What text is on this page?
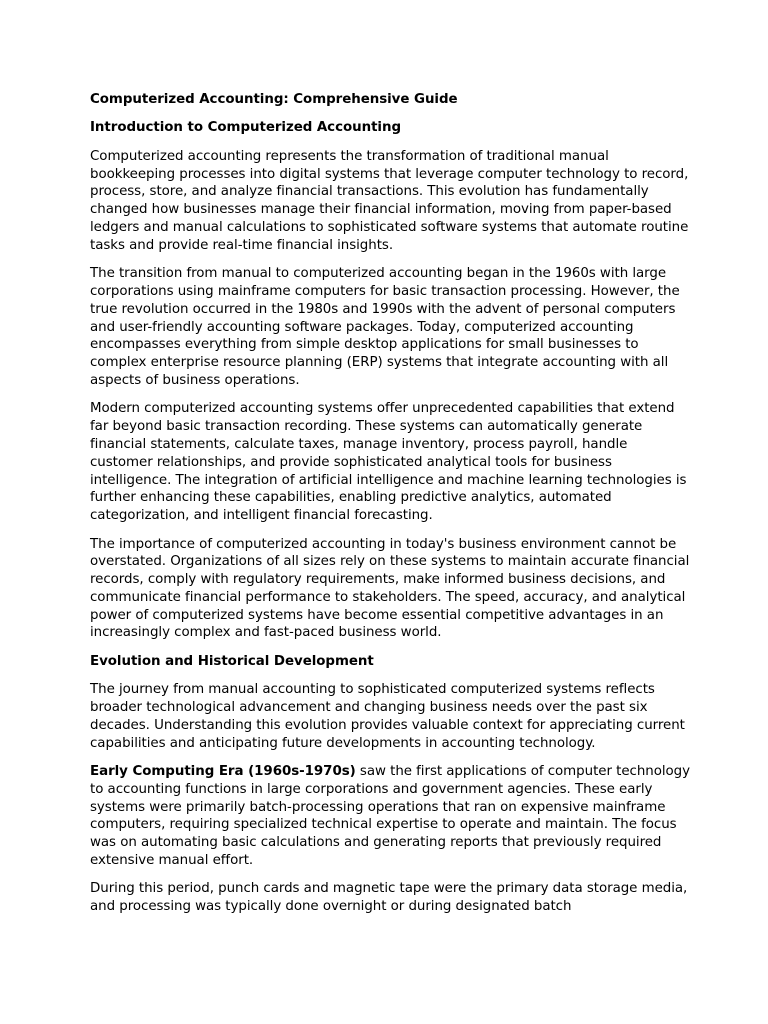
Computerized Accounting: Comprehensive Guide
Introduction to Computerized Accounting

Computerized accounting represents the transformation of traditional manual bookkeeping processes into digital systems that leverage computer technology to record, process, store, and analyze financial transactions. This evolution has fundamentally changed how businesses manage their financial information, moving from paper-based ledgers and manual calculations to sophisticated software systems that automate routine tasks and provide real-time financial insights.

The transition from manual to computerized accounting began in the 1960s with large corporations using mainframe computers for basic transaction processing. However, the true revolution occurred in the 1980s and 1990s with the advent of personal computers and user-friendly accounting software packages. Today, computerized accounting encompasses everything from simple desktop applications for small businesses to complex enterprise resource planning (ERP) systems that integrate accounting with all aspects of business operations.

Modern computerized accounting systems offer unprecedented capabilities that extend far beyond basic transaction recording. These systems can automatically generate financial statements, calculate taxes, manage inventory, process payroll, handle customer relationships, and provide sophisticated analytical tools for business intelligence. The integration of artificial intelligence and machine learning technologies is further enhancing these capabilities, enabling predictive analytics, automated categorization, and intelligent financial forecasting.

The importance of computerized accounting in today's business environment cannot be overstated. Organizations of all sizes rely on these systems to maintain accurate financial records, comply with regulatory requirements, make informed business decisions, and communicate financial performance to stakeholders. The speed, accuracy, and analytical power of computerized systems have become essential competitive advantages in an increasingly complex and fast-paced business world.

Evolution and Historical Development

The journey from manual accounting to sophisticated computerized systems reflects broader technological advancement and changing business needs over the past six decades. Understanding this evolution provides valuable context for appreciating current capabilities and anticipating future developments in accounting technology.

Early Computing Era (1960s-1970s) saw the first applications of computer technology to accounting functions in large corporations and government agencies. These early systems were primarily batch-processing operations that ran on expensive mainframe computers, requiring specialized technical expertise to operate and maintain. The focus was on automating basic calculations and generating reports that previously required extensive manual effort.

During this period, punch cards and magnetic tape were the primary data storage media, and processing was typically done overnight or during designated batch
